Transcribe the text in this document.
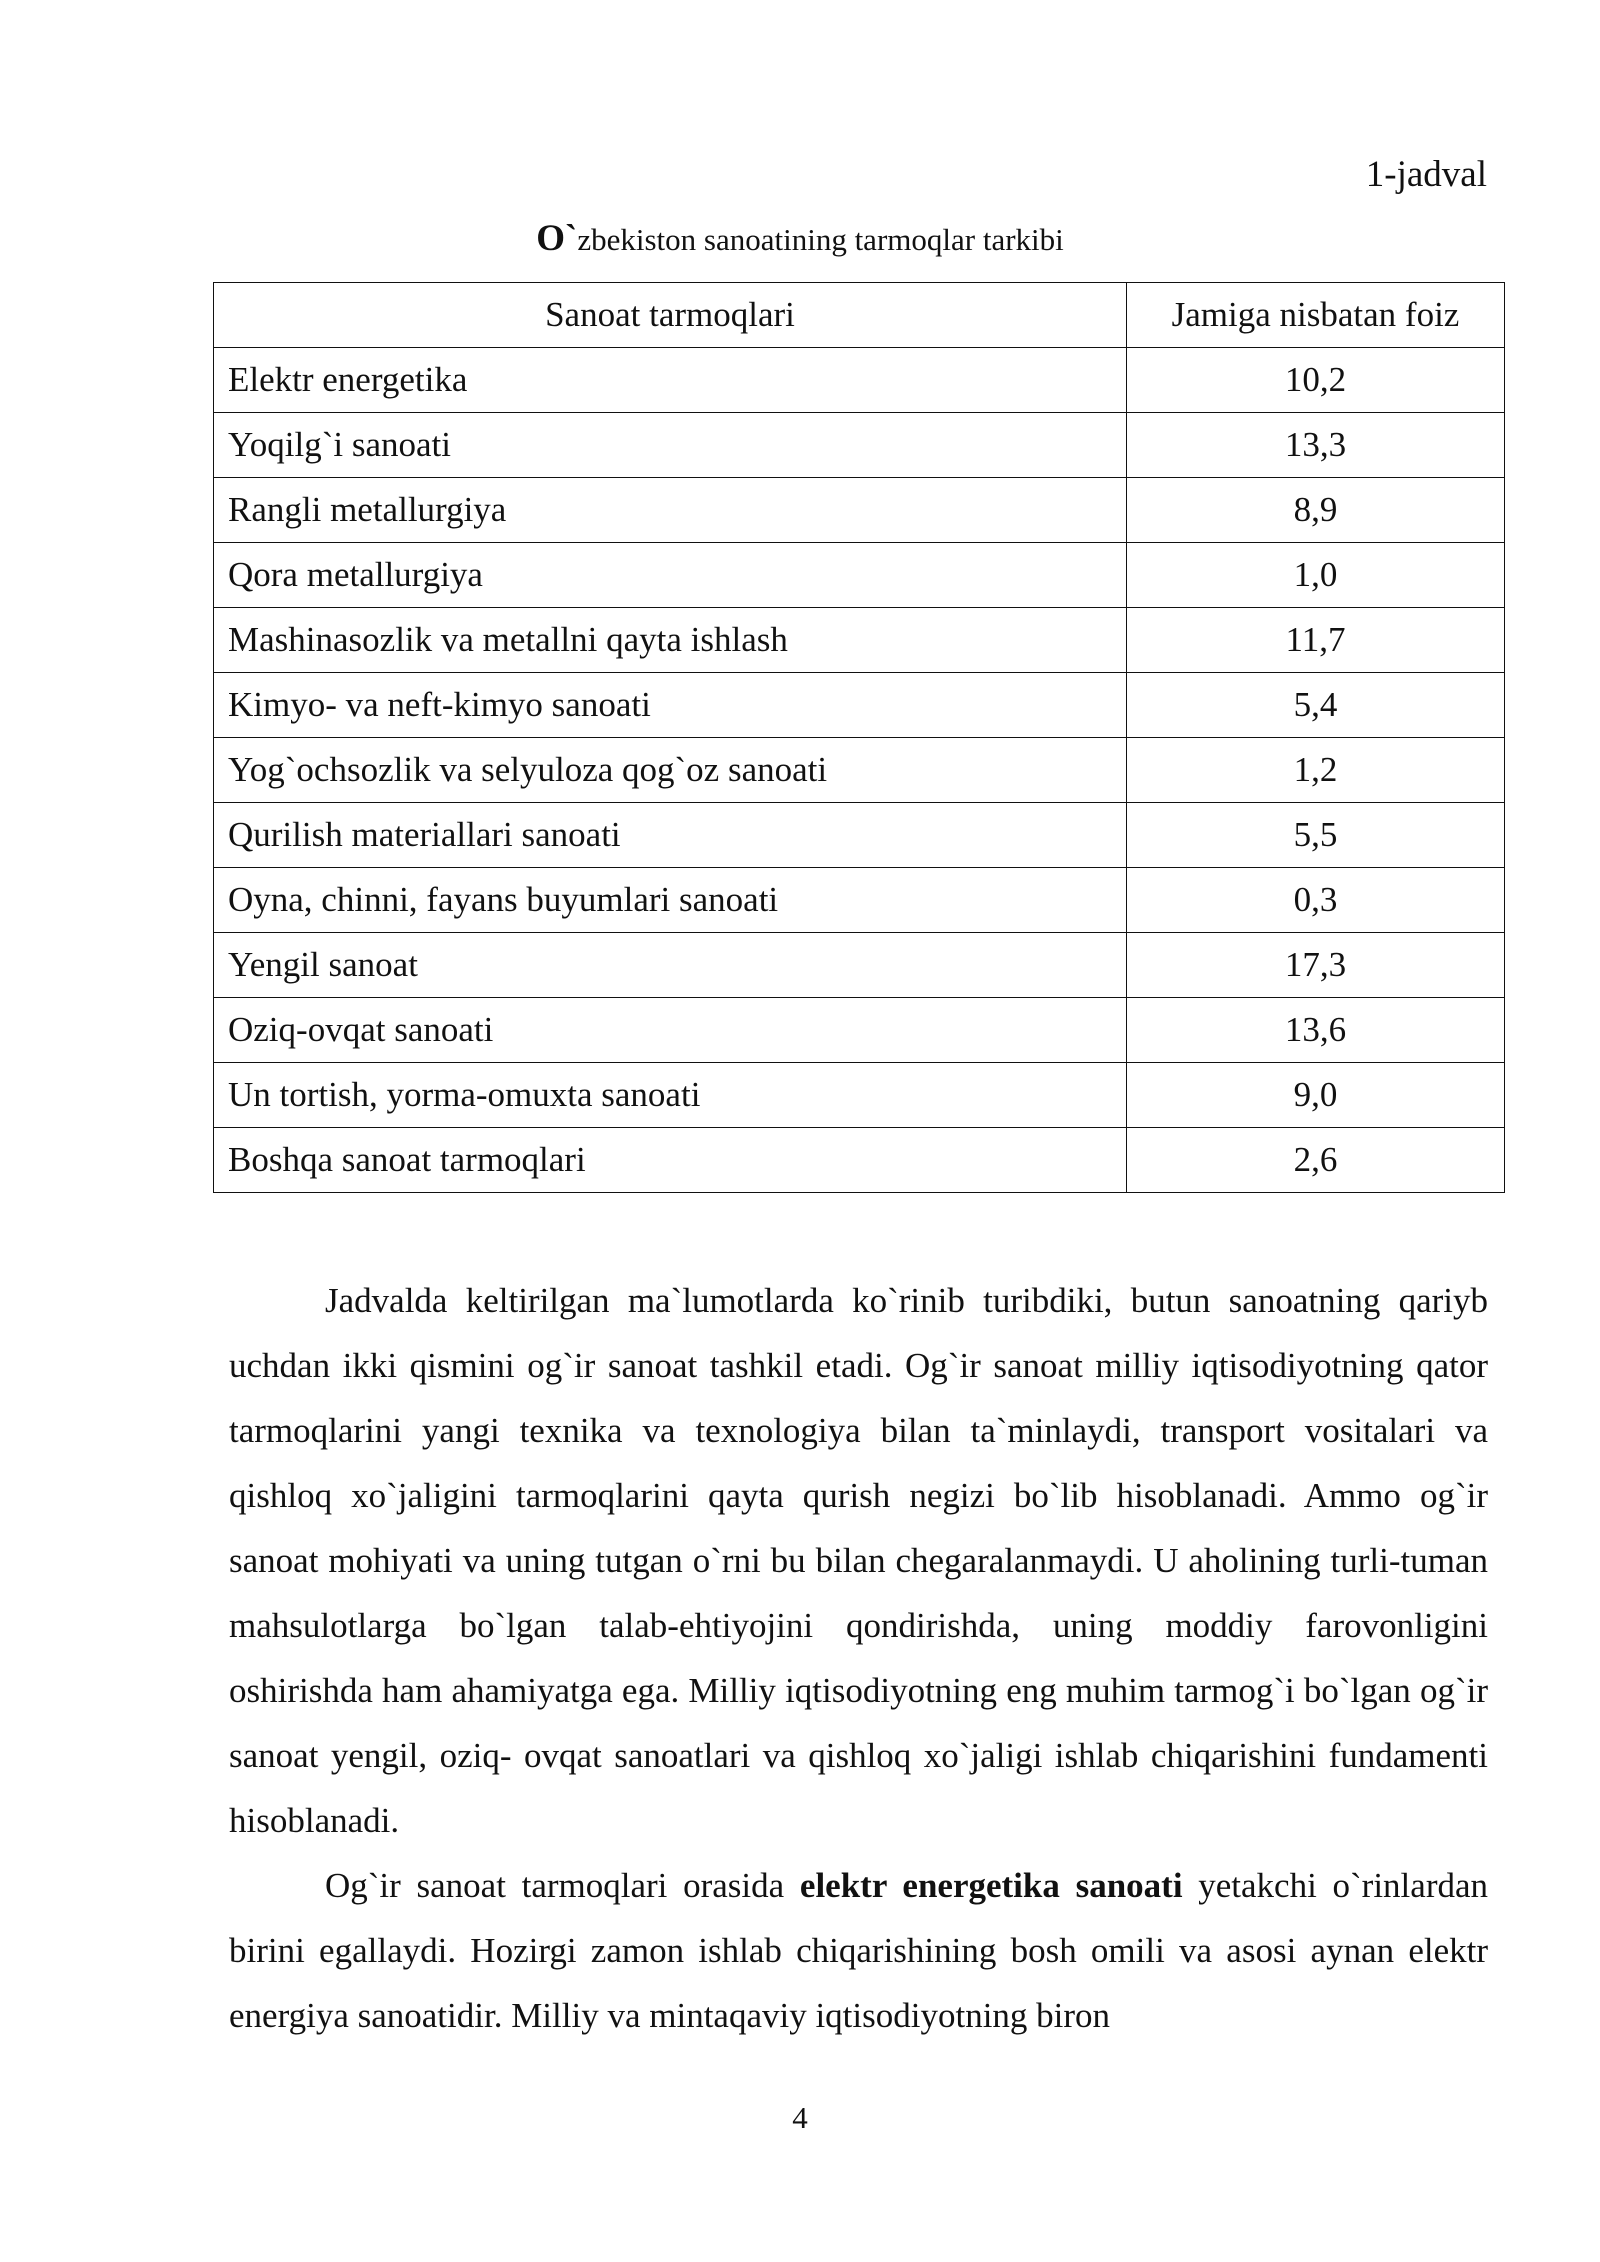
1-jadval
O`zbekiston sanoatining tarmoqlar tarkibi
Sanoat tarmoqlari	Jamiga nisbatan foiz
Elektr energetika	10,2
Yoqilg`i sanoati	13,3
Rangli metallurgiya	8,9
Qora metallurgiya	1,0
Mashinasozlik va metallni qayta ishlash	11,7
Kimyo- va neft-kimyo sanoati	5,4
Yog`ochsozlik va selyuloza qog`oz sanoati	1,2
Qurilish materiallari sanoati	5,5
Oyna, chinni, fayans buyumlari sanoati	0,3
Yengil sanoat	17,3
Oziq-ovqat sanoati	13,6
Un tortish, yorma-omuxta sanoati	9,0
Boshqa sanoat tarmoqlari	2,6

Jadvalda keltirilgan ma`lumotlarda ko`rinib turibdiki, butun sanoatning qariyb uchdan ikki qismini og`ir sanoat tashkil etadi. Og`ir sanoat milliy iqtisodiyotning qator tarmoqlarini yangi texnika va texnologiya bilan ta`minlaydi, transport vositalari va qishloq xo`jaligini tarmoqlarini qayta qurish negizi bo`lib hisoblanadi. Ammo og`ir sanoat mohiyati va uning tutgan o`rni bu bilan chegaralanmaydi. U aholining turli-tuman mahsulotlarga bo`lgan talab-ehtiyojini qondirishda, uning moddiy farovonligini oshirishda ham ahamiyatga ega. Milliy iqtisodiyotning eng muhim tarmog`i bo`lgan og`ir sanoat yengil, oziq- ovqat sanoatlari va qishloq xo`jaligi ishlab chiqarishini fundamenti hisoblanadi.

Og`ir sanoat tarmoqlari orasida elektr energetika sanoati yetakchi o`rinlardan birini egallaydi. Hozirgi zamon ishlab chiqarishining bosh omili va asosi aynan elektr energiya sanoatidir. Milliy va mintaqaviy iqtisodiyotning biron

4
